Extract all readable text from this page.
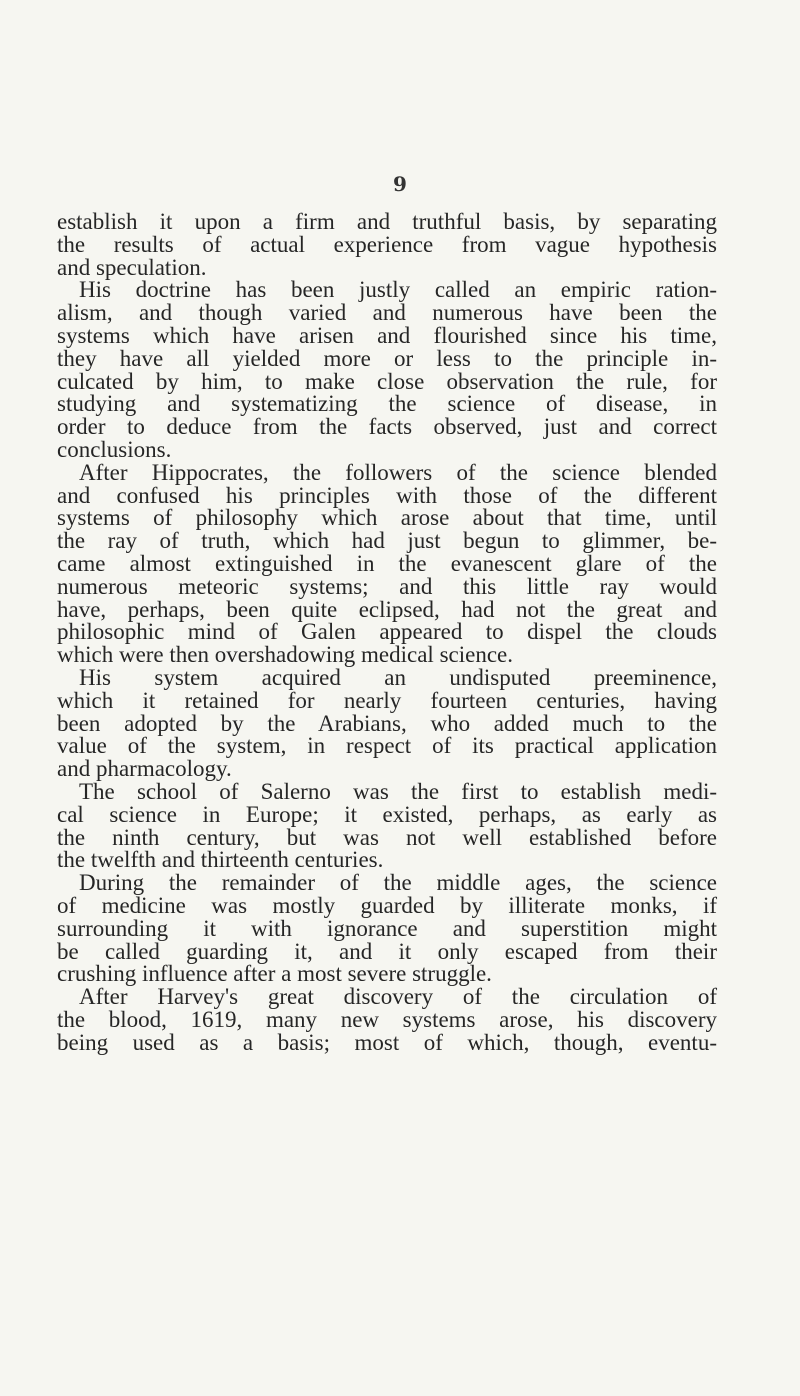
9
establish it upon a firm and truthful basis, by separating
the results of actual experience from vague hypothesis
and speculation.
His doctrine has been justly called an empiric ration-
alism, and though varied and numerous have been the
systems which have arisen and flourished since his time,
they have all yielded more or less to the principle in-
culcated by him, to make close observation the rule, for
studying and systematizing the science of disease, in
order to deduce from the facts observed, just and correct
conclusions.
After Hippocrates, the followers of the science blended
and confused his principles with those of the different
systems of philosophy which arose about that time, until
the ray of truth, which had just begun to glimmer, be-
came almost extinguished in the evanescent glare of the
numerous meteoric systems; and this little ray would
have, perhaps, been quite eclipsed, had not the great and
philosophic mind of Galen appeared to dispel the clouds
which were then overshadowing medical science.
His system acquired an undisputed preeminence,
which it retained for nearly fourteen centuries, having
been adopted by the Arabians, who added much to the
value of the system, in respect of its practical application
and pharmacology.
The school of Salerno was the first to establish medi-
cal science in Europe; it existed, perhaps, as early as
the ninth century, but was not well established before
the twelfth and thirteenth centuries.
During the remainder of the middle ages, the science
of medicine was mostly guarded by illiterate monks, if
surrounding it with ignorance and superstition might
be called guarding it, and it only escaped from their
crushing influence after a most severe struggle.
After Harvey's great discovery of the circulation of
the blood, 1619, many new systems arose, his discovery
being used as a basis; most of which, though, eventu-
